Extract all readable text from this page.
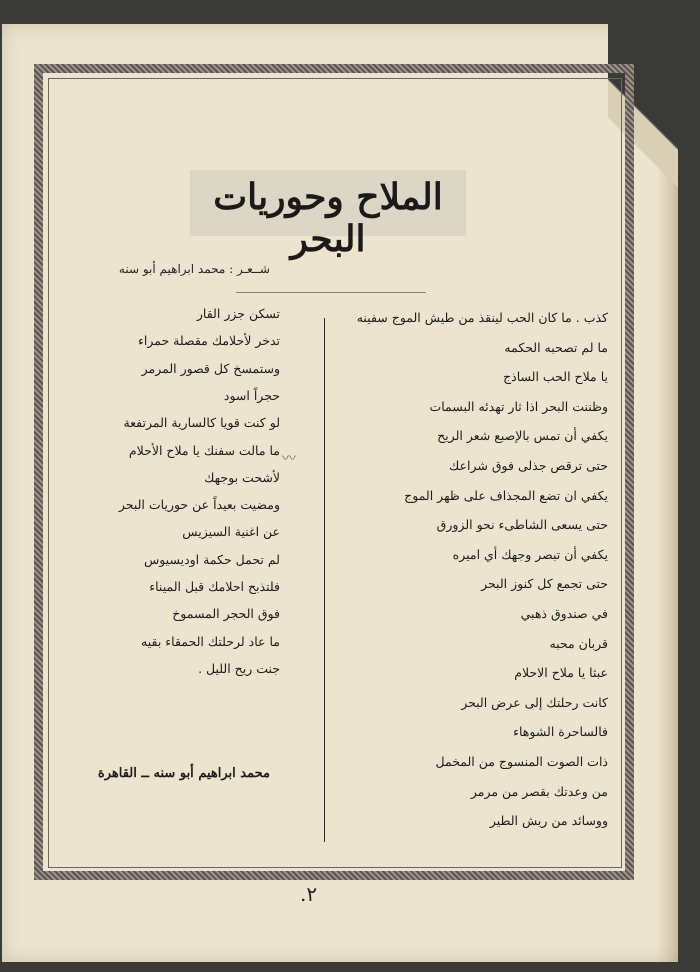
الملاح وحوريات البحر
شــعـر : محمد ابراهيم أبو سنه
كذب . ما كان الحب لينقذ من طيش الموج سفينه
ما لم تصحبه الحكمه
يا ملاح الحب الساذج
وظننت البحر اذا ثار تهدئه البسمات
يكفي أن تمس بالإصبع شعر الريح
حتى ترقص جذلى فوق شراعك
يكفي ان تضع المجذاف على ظهر الموج
حتى يسعى الشاطىء نحو الزورق
يكفي أن تبصر وجهك أي اميره
حتى تجمع كل كنوز البحر
في صندوق ذهبي
قربان محبه
عبثا يا ملاح الاحلام
كانت رحلتك إلى عرض البحر
فالساحرة الشوهاء
ذات الصوت المنسوج من المخمل
من وعدتك بقصر من مرمر
ووسائد من ريش الطير
تسكن جزر القار
تدخر لأحلامك مقصلة حمراء
وستمسخ كل قصور المرمر
حجراً اسود
لو كنت قويا كالسارية المرتفعة
ما مالت سفنك يا ملاح الأحلام
لأشحت بوجهك
ومضيت بعيداً عن حوريات البحر
عن اغنية السيزيس
لم تحمل حكمة اوديسيوس
فلتذبح احلامك قبل الميناء
فوق الحجر المسموخ
ما عاد لرحلتك الحمقاء بقيه
جنت ريح الليل .
〰
محمد ابراهيم أبو سنه ــ القاهرة
٢.
